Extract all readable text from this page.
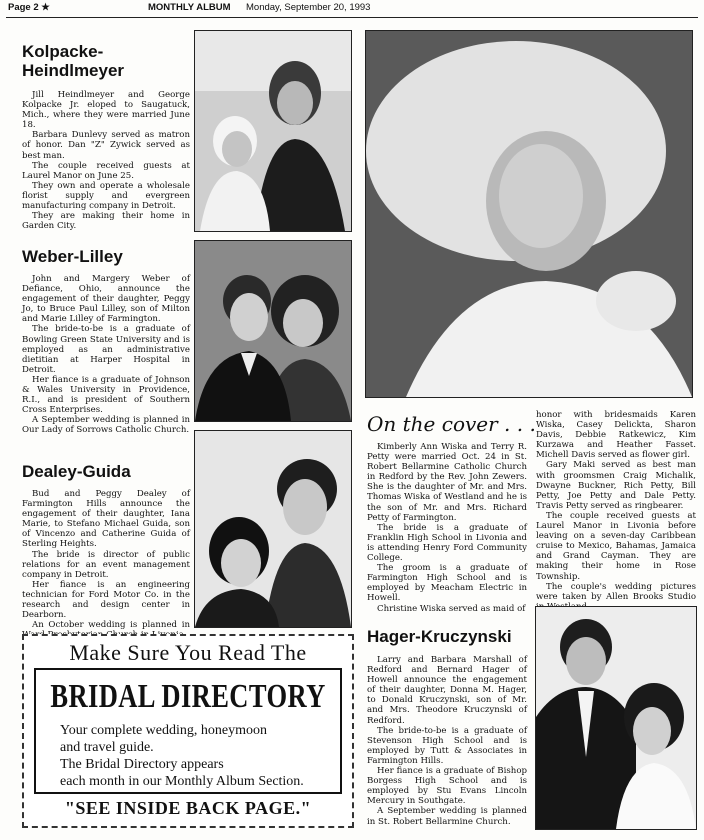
Page 2 ★	MONTHLY ALBUM Monday, September 20, 1993
Kolpacke-
Heindlmeyer

Jill Heindlmeyer and George Kolpacke Jr. eloped to Saugatuck, Mich., where they were married June 18.

Barbara Dunlevy served as matron of honor. Dan "Z" Zywick served as best man.

The couple received guests at Laurel Manor on June 25.

They own and operate a wholesale florist supply and evergreen manufacturing company in Detroit.

They are making their home in Garden City.

Weber-Lilley

John and Margery Weber of Defiance, Ohio, announce the engagement of their daughter, Peggy Jo, to Bruce Paul Lilley, son of Milton and Marie Lilley of Farmington.

The bride-to-be is a graduate of Bowling Green State University and is employed as an administrative dietitian at Harper Hospital in Detroit.

Her fiance is a graduate of Johnson & Wales University in Providence, R.I., and is president of Southern Cross Enterprises.

A September wedding is planned in Our Lady of Sorrows Catholic Church.

Dealey-Guida

Bud and Peggy Dealey of Farmington Hills announce the engagement of their daughter, Iana Marie, to Stefano Michael Guida, son of Vincenzo and Catherine Guida of Sterling Heights.

The bride is director of public relations for an event management company in Detroit.

Her fiance is an engineering technician for Ford Motor Co. in the research and design center in Dearborn.

An October wedding is planned in

On the cover . . .

Kimberly Ann Wiska and Terry R. Petty were married Oct. 24 in St. Robert Bellarmine Catholic Church in Redford by the Rev. John Zewers. She is the daughter of Mr. and Mrs. Thomas Wiska of Westland and he is the son of Mr. and Mrs. Richard Petty of Farmington.

The bride is a graduate of Franklin High School in Livonia and is attending Henry Ford Community College.

The groom is a graduate of Farmington High School and is employed by Meacham Electric in Howell.

Christine Wiska served as maid of

honor with bridesmaids Karen Wiska, Casey Delickta, Sharon Davis, Debbie Ratkewicz, Kim Kurzawa and Heather Fasset. Michell Davis served as flower girl.

Gary Maki served as best man with groomsmen Craig Michalik, Dwayne Buckner, Rich Petty, Bill Petty, Joe Petty and Dale Petty. Travis Petty served as ringbearer.

The couple received guests at Laurel Manor in Livonia before leaving on a seven-day Caribbean cruise to Mexico, Bahamas, Jamaica and Grand Cayman. They are making their home in Rose Township.

The couple's wedding pictures were taken by Allen Brooks Studio

Hager-Kruczynski

Larry and Barbara Marshall of Redford and Bernard Hager of Howell announce the engagement of their daughter, Donna M. Hager, to Donald Kruczynski, son of Mr. and Mrs. Theodore Kruczynski of Redford.

The bride-to-be is a graduate of Stevenson High School and is employed by Tutt & Associates in Farmington Hills.

Her fiance is a graduate of Bishop Borgess High School and is employed by Stu Evans Lincoln Mercury in Southgate.

A September wedding is planned in St. Robert Bellarmine Church.

Make Sure You Read The
BRIDAL DIRECTORY
Your complete wedding, honeymoon
and travel guide.
The Bridal Directory appears
each month in our Monthly Album Section.
"SEE INSIDE BACK PAGE."
